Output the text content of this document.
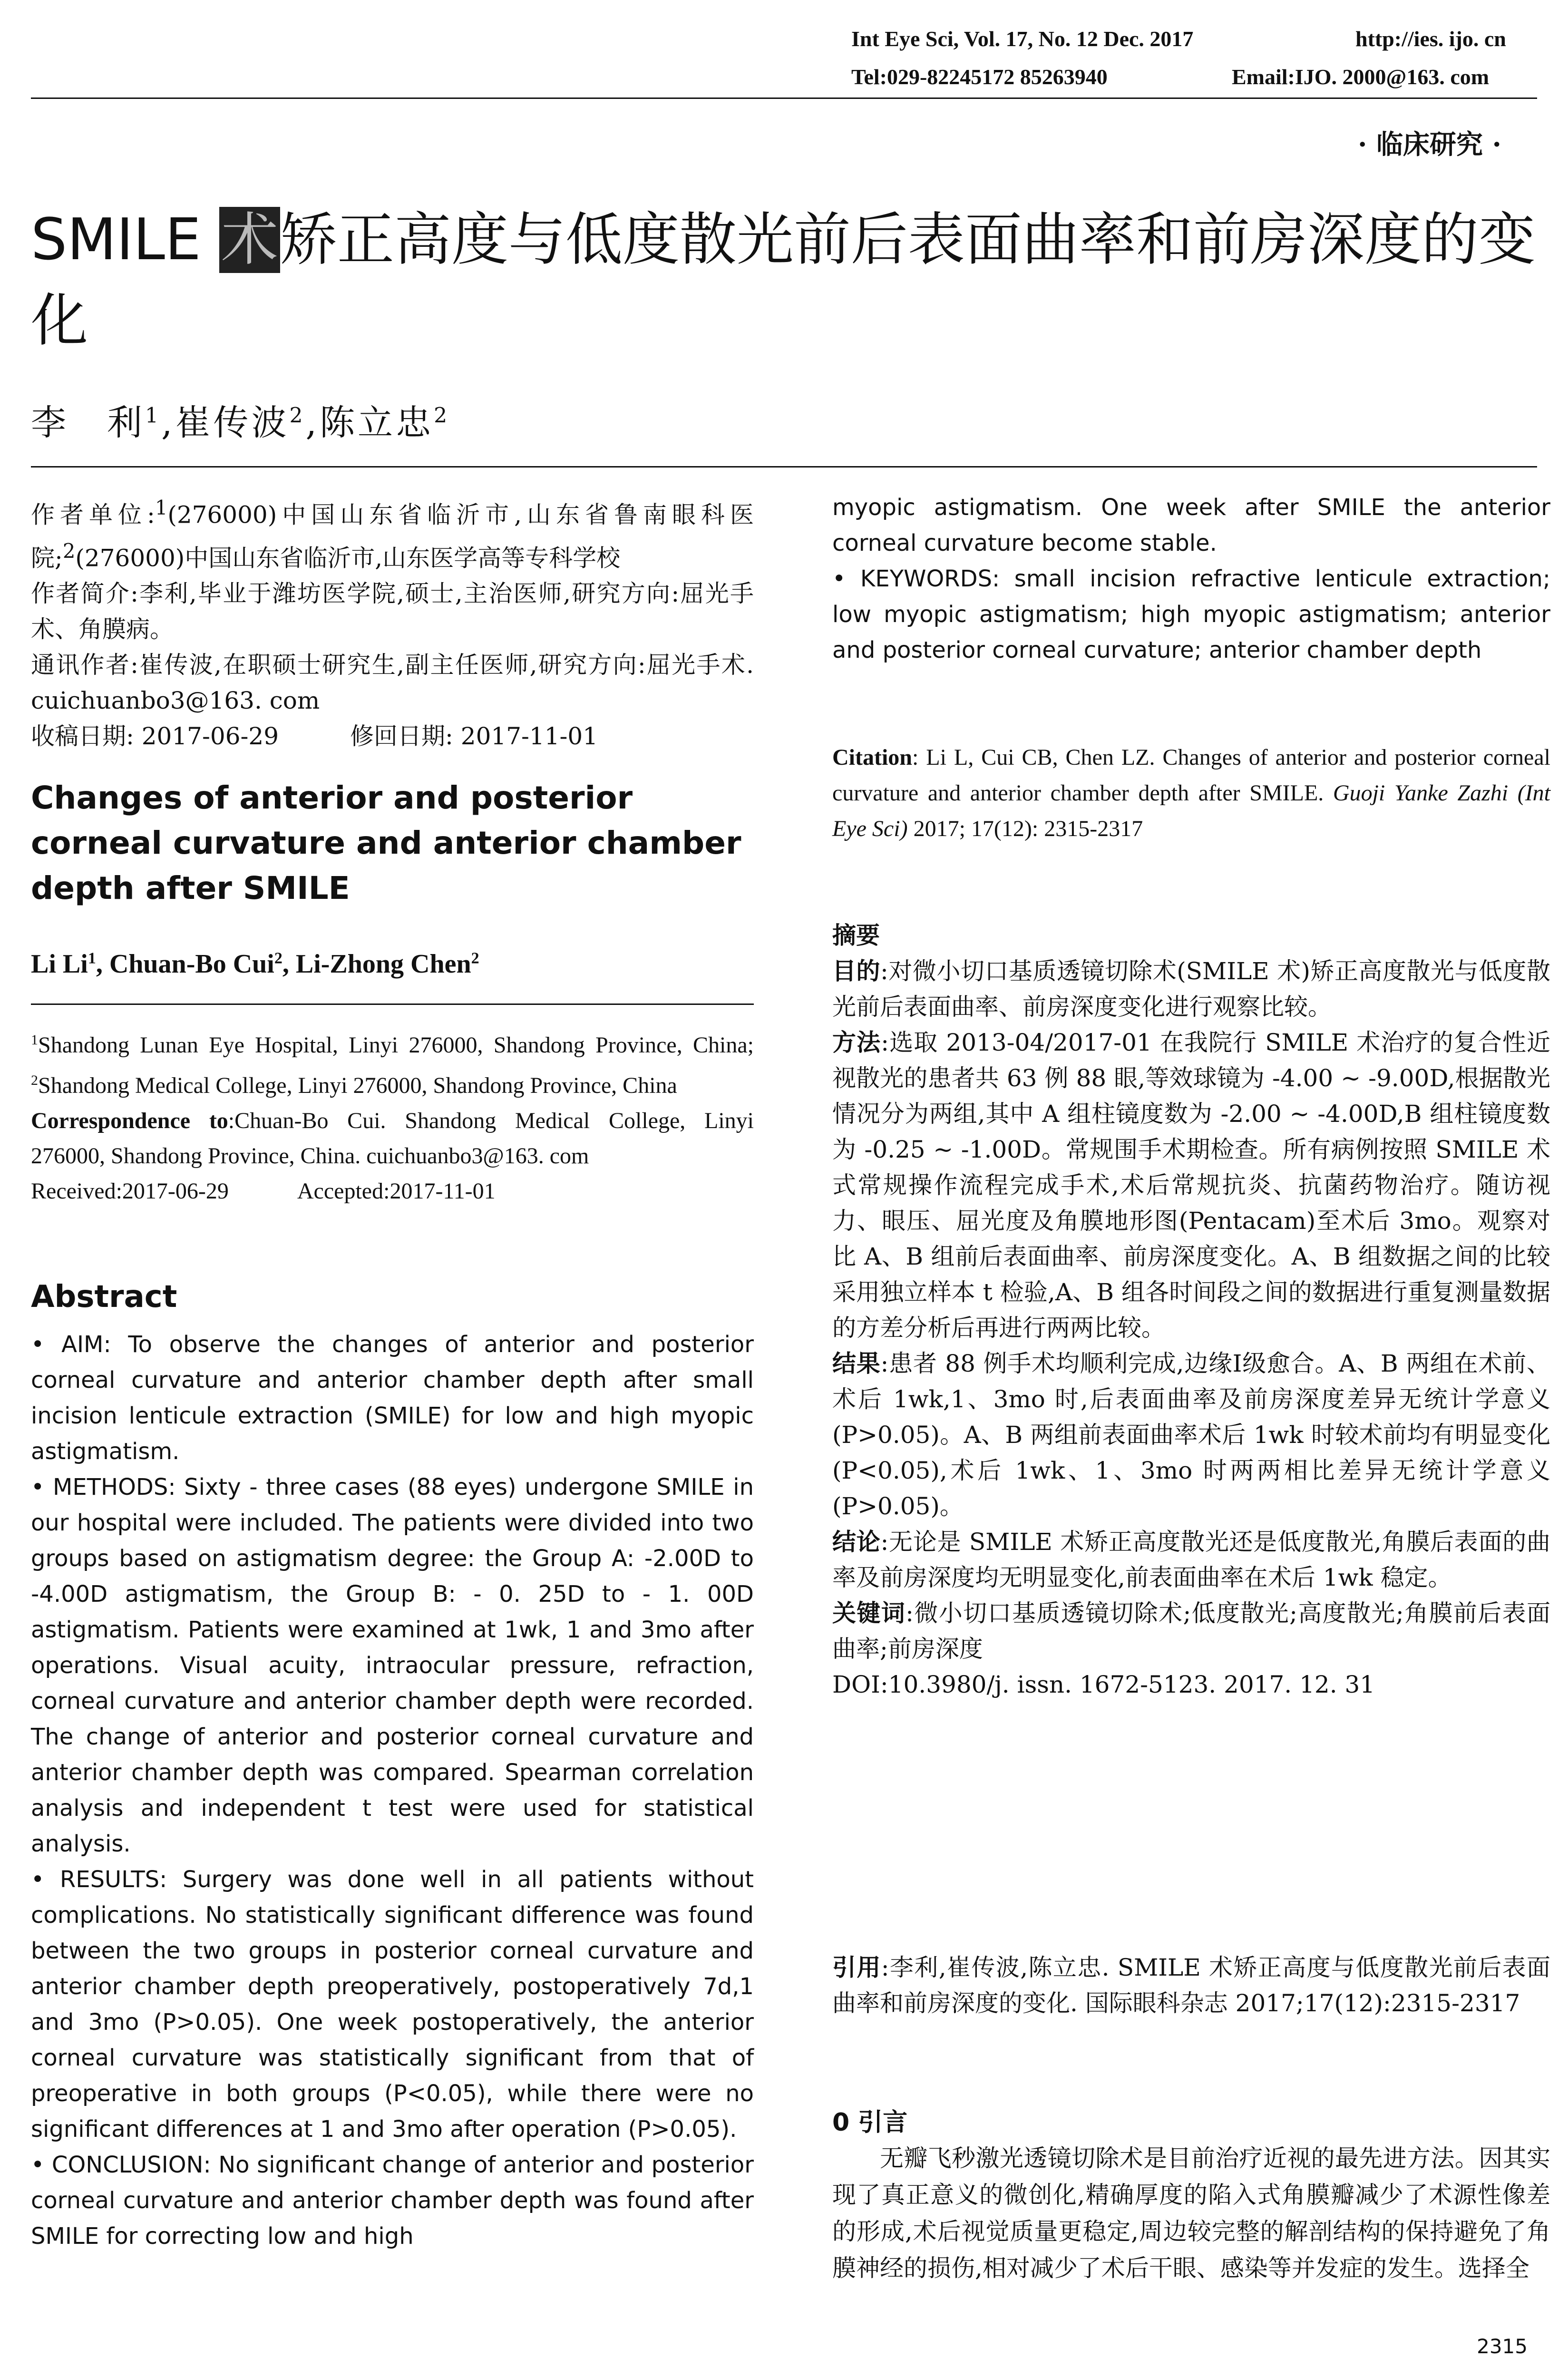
Int Eye Sci, Vol. 17, No. 12 Dec. 2017	http://ies. ijo. cn
Tel:029-82245172 85263940	Email:IJO. 2000@163. com
· 临床研究 ·
SMILE 术矫正高度与低度散光前后表面曲率和前房深度的变化
李　利$^1$,崔传波$^2$,陈立忠$^2$

作者单位:$^1$(276000)中国山东省临沂市,山东省鲁南眼科医院;$^2$(276000)中国山东省临沂市,山东医学高等专科学校

作者简介:李利,毕业于潍坊医学院,硕士,主治医师,研究方向:屈光手术、角膜病。

通讯作者:崔传波,在职硕士研究生,副主任医师,研究方向:屈光手术. cuichuanbo3@163. com

收稿日期: 2017-06-29　　　	修回日期: 2017-11-01

Changes of anterior and posterior corneal curvature and anterior chamber depth after SMILE
Li Li$^1$, Chuan-Bo Cui$^2$, Li-Zhong Chen$^2$
$^1$Shandong Lunan Eye Hospital, Linyi 276000, Shandong Province, China; $^2$Shandong Medical College, Linyi 276000, Shandong Province, China
Correspondence to:Chuan-Bo Cui. Shandong Medical College, Linyi 276000, Shandong Province, China. cuichuanbo3@163. com
Received:2017-06-29　　　	Accepted:2017-11-01
Abstract

• AIM: To observe the changes of anterior and posterior corneal curvature and anterior chamber depth after small incision lenticule extraction (SMILE) for low and high myopic astigmatism.

• METHODS: Sixty - three cases (88 eyes) undergone SMILE in our hospital were included. The patients were divided into two groups based on astigmatism degree: the Group A: -2.00D to -4.00D astigmatism, the Group B: - 0. 25D to - 1. 00D astigmatism. Patients were examined at 1wk, 1 and 3mo after operations. Visual acuity, intraocular pressure, refraction, corneal curvature and anterior chamber depth were recorded. The change of anterior and posterior corneal curvature and anterior chamber depth was compared. Spearman correlation analysis and independent t test were used for statistical analysis.

• RESULTS: Surgery was done well in all patients without complications. No statistically significant difference was found between the two groups in posterior corneal curvature and anterior chamber depth preoperatively, postoperatively 7d,1 and 3mo (P>0.05). One week postoperatively, the anterior corneal curvature was statistically significant from that of preoperative in both groups (P<0.05), while there were no significant differences at 1 and 3mo after operation (P>0.05).

• CONCLUSION: No significant change of anterior and posterior corneal curvature and anterior chamber depth was found after SMILE for correcting low and high

myopic astigmatism. One week after SMILE the anterior corneal curvature become stable.

• KEYWORDS: small incision refractive lenticule extraction; low myopic astigmatism; high myopic astigmatism; anterior and posterior corneal curvature; anterior chamber depth

Citation: Li L, Cui CB, Chen LZ. Changes of anterior and posterior corneal curvature and anterior chamber depth after SMILE. Guoji Yanke Zazhi (Int Eye Sci) 2017; 17(12): 2315-2317

摘要

目的:对微小切口基质透镜切除术(SMILE 术)矫正高度散光与低度散光前后表面曲率、前房深度变化进行观察比较。

方法:选取 2013-04/2017-01 在我院行 SMILE 术治疗的复合性近视散光的患者共 63 例 88 眼,等效球镜为 -4.00 ~ -9.00D,根据散光情况分为两组,其中 A 组柱镜度数为 -2.00 ~ -4.00D,B 组柱镜度数为 -0.25 ~ -1.00D。常规围手术期检查。所有病例按照 SMILE 术式常规操作流程完成手术,术后常规抗炎、抗菌药物治疗。随访视力、眼压、屈光度及角膜地形图(Pentacam)至术后 3mo。观察对比 A、B 组前后表面曲率、前房深度变化。A、B 组数据之间的比较采用独立样本 t 检验,A、B 组各时间段之间的数据进行重复测量数据的方差分析后再进行两两比较。

结果:患者 88 例手术均顺利完成,边缘Ⅰ级愈合。A、B 两组在术前、术后 1wk,1、3mo 时,后表面曲率及前房深度差异无统计学意义(P>0.05)。A、B 两组前表面曲率术后 1wk 时较术前均有明显变化(P<0.05),术后 1wk、1、3mo 时两两相比差异无统计学意义(P>0.05)。

结论:无论是 SMILE 术矫正高度散光还是低度散光,角膜后表面的曲率及前房深度均无明显变化,前表面曲率在术后 1wk 稳定。

关键词:微小切口基质透镜切除术;低度散光;高度散光;角膜前后表面曲率;前房深度

DOI:10.3980/j. issn. 1672-5123. 2017. 12. 31

引用:李利,崔传波,陈立忠. SMILE 术矫正高度与低度散光前后表面曲率和前房深度的变化. 国际眼科杂志 2017;17(12):2315-2317

0 引言
无瓣飞秒激光透镜切除术是目前治疗近视的最先进方法。因其实现了真正意义的微创化,精确厚度的陷入式角膜瓣减少了术源性像差的形成,术后视觉质量更稳定,周边较完整的解剖结构的保持避免了角膜神经的损伤,相对减少了术后干眼、感染等并发症的发生。选择全
2315
